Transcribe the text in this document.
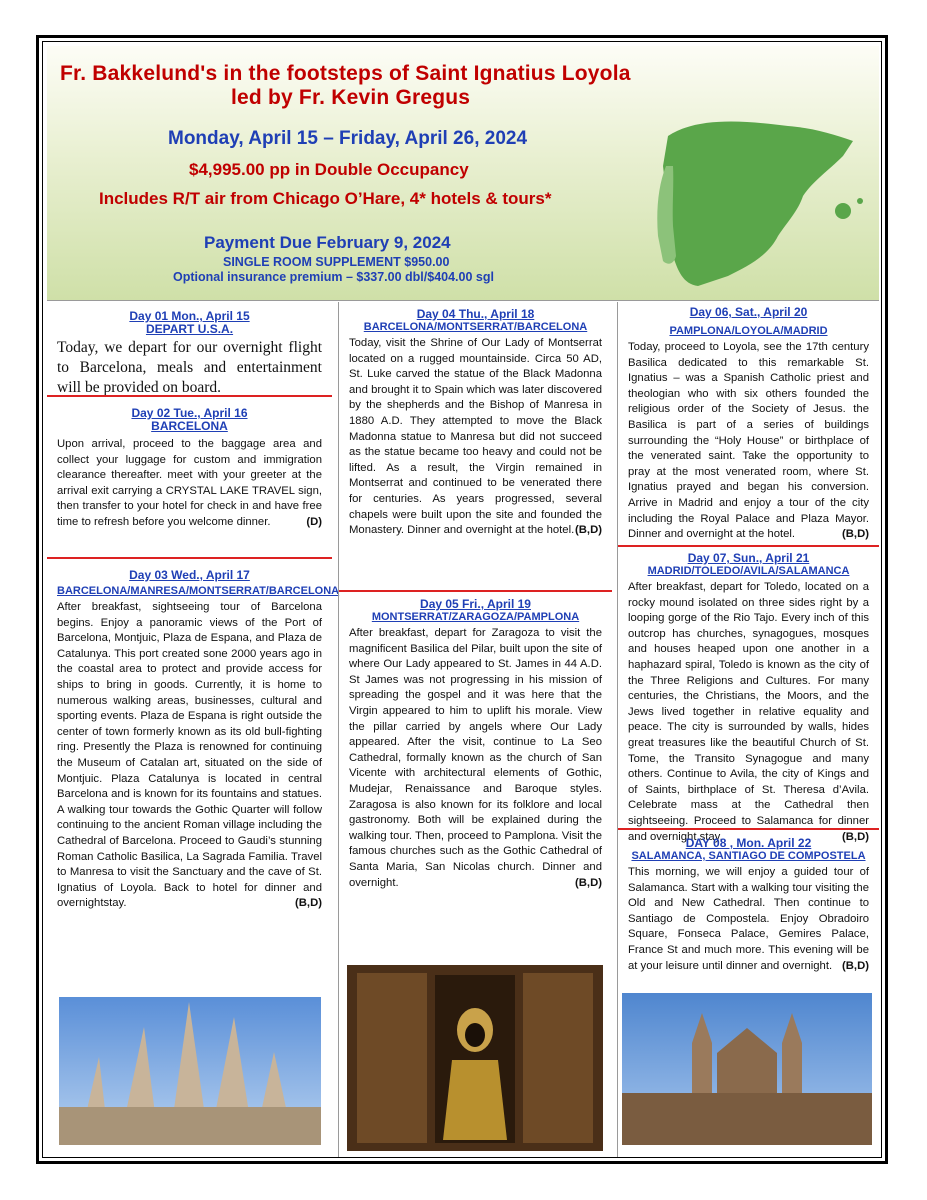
Fr. Bakkelund's in the footsteps of Saint Ignatius Loyola
led by Fr. Kevin Gregus
Monday, April 15 – Friday, April 26, 2024
$4,995.00 pp in Double Occupancy
Includes R/T air from Chicago O’Hare, 4* hotels & tours*
Payment Due February 9, 2024
SINGLE ROOM SUPPLEMENT $950.00
Optional insurance premium – $337.00 dbl/$404.00 sgl
Day 01 Mon., April 15
DEPART U.S.A.
Today, we depart for our overnight flight to Barcelona, meals and entertainment will be provided on board.
Day 02 Tue., April 16
BARCELONA
Upon arrival, proceed to the baggage area and collect your luggage for custom and immigration clearance thereafter. meet with your greeter at the arrival exit carrying a CRYSTAL LAKE TRAVEL sign, then transfer to your hotel for check in and have free time to refresh before you welcome dinner.	(D)
Day 03 Wed., April 17
BARCELONA/MANRESA/MONTSERRAT/BARCELONA
After breakfast, sightseeing tour of Barcelona begins. Enjoy a panoramic views of the Port of Barcelona, Montjuic, Plaza de Espana, and Plaza de Catalunya. This port created sone 2000 years ago in the coastal area to protect and provide access for ships to bring in goods. Currently, it is home to numerous walking areas, businesses, cultural and sporting events. Plaza de Espana is right outside the center of town formerly known as its old bull-fighting ring. Presently the Plaza is renowned for continuing the Museum of Catalan art, situated on the side of Montjuic. Plaza Catalunya is located in central Barcelona and is known for its fountains and statues. A walking tour towards the Gothic Quarter will follow continuing to the ancient Roman village including the Cathedral of Barcelona. Proceed to Gaudi’s stunning Roman Catholic Basilica, La Sagrada Familia. Travel to Manresa to visit the Sanctuary and the cave of St. Ignatius of Loyola. Back to hotel for dinner and overnightstay.	(B,D)
Day 04 Thu., April 18
BARCELONA/MONTSERRAT/BARCELONA
Today, visit the Shrine of Our Lady of Montserrat located on a rugged mountainside. Circa 50 AD, St. Luke carved the statue of the Black Madonna and brought it to Spain which was later discovered by the shepherds and the Bishop of Manresa in 1880 A.D. They attempted to move the Black Madonna statue to Manresa but did not succeed as the statue became too heavy and could not be lifted. As a result, the Virgin remained in Montserrat and continued to be venerated there for centuries. As years progressed, several chapels were built upon the site and founded the Monastery. Dinner and overnight at the hotel. (B,D)
Day 05 Fri., April 19
MONTSERRAT/ZARAGOZA/PAMPLONA
After breakfast, depart for Zaragoza to visit the magnificent Basilica del Pilar, built upon the site of where Our Lady appeared to St. James in 44 A.D. St James was not progressing in his mission of spreading the gospel and it was here that the Virgin appeared to him to uplift his morale. View the pillar carried by angels where Our Lady appeared. After the visit, continue to La Seo Cathedral, formally known as the church of San Vicente with architectural elements of Gothic, Mudejar, Renaissance and Baroque styles. Zaragosa is also known for its folklore and local gastronomy. Both will be explained during the walking tour. Then, proceed to Pamplona. Visit the famous churches such as the Gothic Cathedral of Santa Maria, San Nicolas church. Dinner and overnight.	(B,D)
Day 06, Sat., April 20
PAMPLONA/LOYOLA/MADRID
Today, proceed to Loyola, see the 17th century Basilica dedicated to this remarkable St. Ignatius – was a Spanish Catholic priest and theologian who with six others founded the religious order of the Society of Jesus. the Basilica is part of a series of buildings surrounding the “Holy House” or birthplace of the venerated saint. Take the opportunity to pray at the most venerated room, where St. Ignatius prayed and began his conversion. Arrive in Madrid and enjoy a tour of the city including the Royal Palace and Plaza Mayor. Dinner and overnight at the hotel.	(B,D)
Day 07, Sun., April 21
MADRID/TOLEDO/AVILA/SALAMANCA
After breakfast, depart for Toledo, located on a rocky mound isolated on three sides right by a looping gorge of the Rio Tajo. Every inch of this outcrop has churches, synagogues, mosques and houses heaped upon one another in a haphazard spiral, Toledo is known as the city of the Three Religions and Cultures. For many centuries, the Christians, the Moors, and the Jews lived together in relative equality and peace. The city is surrounded by walls, hides great treasures like the beautiful Church of St. Tome, the Transito Synagogue and many others. Continue to Avila, the city of Kings and of Saints, birthplace of St. Theresa d’Avila. Celebrate mass at the Cathedral then sightseeing. Proceed to Salamanca for dinner and overnight stay.	(B,D)
DAY 08 , Mon. April 22
SALAMANCA, SANTIAGO DE COMPOSTELA
This morning, we will enjoy a guided tour of Salamanca. Start with a walking tour visiting the Old and New Cathedral. Then continue to Santiago de Compostela. Enjoy Obradoiro Square, Fonseca Palace, Gemires Palace, France St and much more. This evening will be at your leisure until dinner and overnight. (B,D)
